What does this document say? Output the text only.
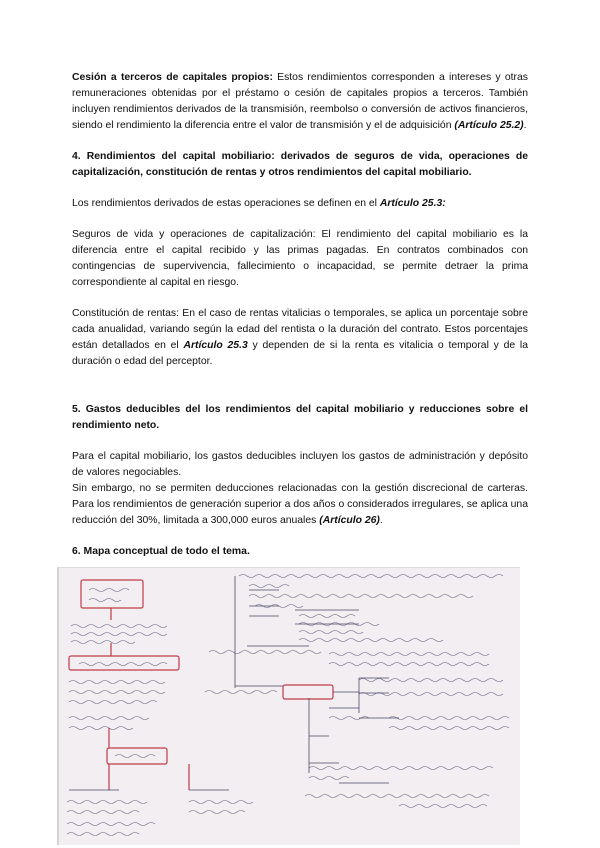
Cesión a terceros de capitales propios: Estos rendimientos corresponden a intereses y otras remuneraciones obtenidas por el préstamo o cesión de capitales propios a terceros. También incluyen rendimientos derivados de la transmisión, reembolso o conversión de activos financieros, siendo el rendimiento la diferencia entre el valor de transmisión y el de adquisición (Artículo 25.2).

4. Rendimientos del capital mobiliario: derivados de seguros de vida, operaciones de capitalización, constitución de rentas y otros rendimientos del capital mobiliario.

Los rendimientos derivados de estas operaciones se definen en el Artículo 25.3:

Seguros de vida y operaciones de capitalización: El rendimiento del capital mobiliario es la diferencia entre el capital recibido y las primas pagadas. En contratos combinados con contingencias de supervivencia, fallecimiento o incapacidad, se permite detraer la prima correspondiente al capital en riesgo.

Constitución de rentas: En el caso de rentas vitalicias o temporales, se aplica un porcentaje sobre cada anualidad, variando según la edad del rentista o la duración del contrato. Estos porcentajes están detallados en el Artículo 25.3 y dependen de si la renta es vitalicia o temporal y de la duración o edad del perceptor.

5. Gastos deducibles del los rendimientos del capital mobiliario y reducciones sobre el rendimiento neto.

Para el capital mobiliario, los gastos deducibles incluyen los gastos de administración y depósito de valores negociables.

Sin embargo, no se permiten deducciones relacionadas con la gestión discrecional de carteras. Para los rendimientos de generación superior a dos años o considerados irregulares, se aplica una reducción del 30%, limitada a 300,000 euros anuales (Artículo 26).

6. Mapa conceptual de todo el tema.
